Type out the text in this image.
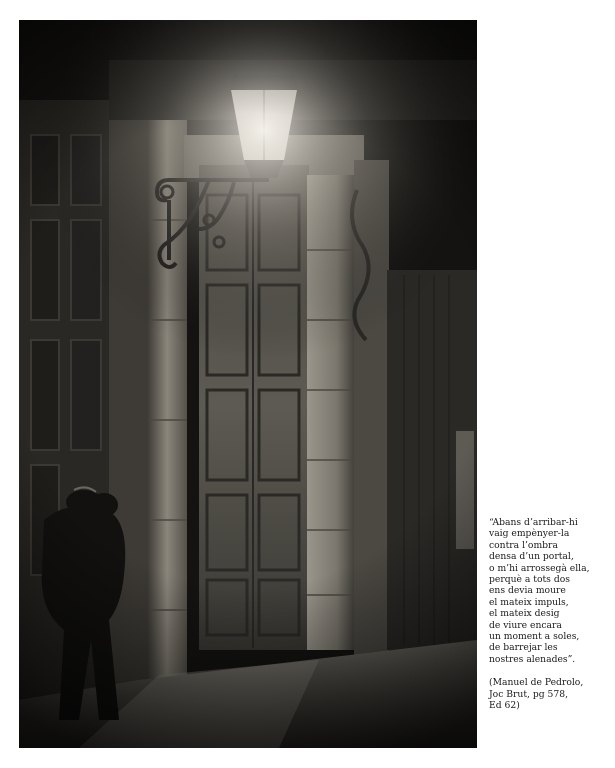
“Abans d’arribar-hi
vaig empènyer-la
contra l’ombra
densa d’un portal,
o m’hi arrossegà ella,
perquè a tots dos
ens devia moure
el mateix impuls,
el mateix desig
de viure encara
un moment a soles,
de barrejar les
nostres alenades”.
(Manuel de Pedrolo,
Joc Brut, pg 578,
Ed 62)
